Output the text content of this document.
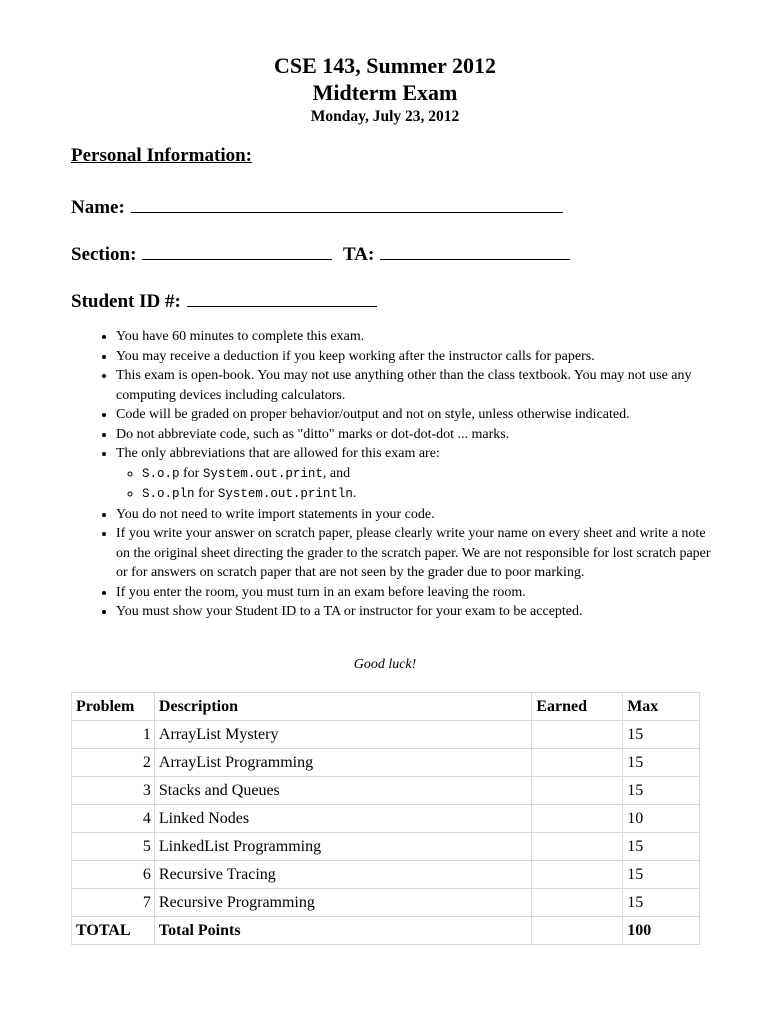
CSE 143, Summer 2012
Midterm Exam
Monday, July 23, 2012
Personal Information:
Name:
Section:	TA:
Student ID #:
• You have 60 minutes to complete this exam.
• You may receive a deduction if you keep working after the instructor calls for papers.
• This exam is open-book. You may not use anything other than the class textbook. You may not use any computing devices including calculators.
• Code will be graded on proper behavior/output and not on style, unless otherwise indicated.
• Do not abbreviate code, such as "ditto" marks or dot-dot-dot ... marks.
• The only abbreviations that are allowed for this exam are:
◦ S.o.p for System.out.print, and
◦ S.o.pln for System.out.println.
• You do not need to write import statements in your code.
• If you write your answer on scratch paper, please clearly write your name on every sheet and write a note on the original sheet directing the grader to the scratch paper. We are not responsible for lost scratch paper or for answers on scratch paper that are not seen by the grader due to poor marking.
• If you enter the room, you must turn in an exam before leaving the room.
• You must show your Student ID to a TA or instructor for your exam to be accepted.
Good luck!
Problem	Description	Earned	Max
1	ArrayList Mystery		15
2	ArrayList Programming		15
3	Stacks and Queues		15
4	Linked Nodes		10
5	LinkedList Programming		15
6	Recursive Tracing		15
7	Recursive Programming		15
TOTAL	Total Points		100
